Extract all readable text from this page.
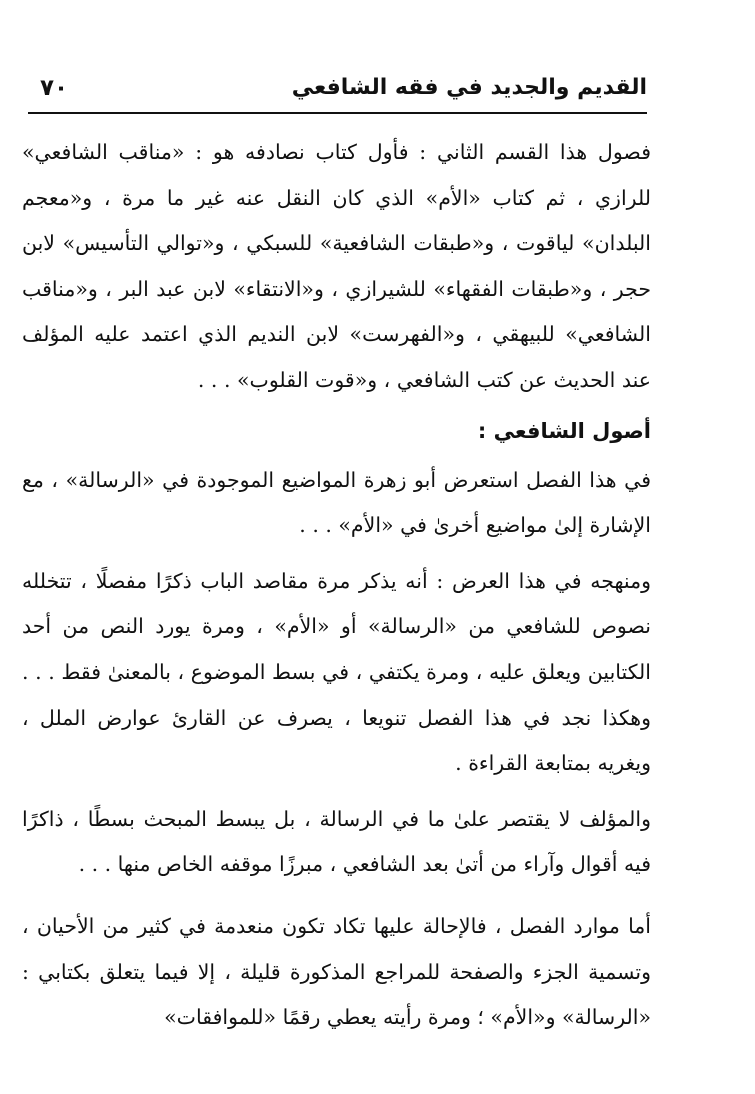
القديم والجديد في فقه الشافعي
٧٠

فصول هذا القسم الثاني : فأول كتاب نصادفه هو : «مناقب الشافعي» للرازي ، ثم كتاب «الأم» الذي كان النقل عنه غير ما مرة ، و«معجم البلدان» لياقوت ، و«طبقات الشافعية» للسبكي ، و«توالي التأسيس» لابن حجر ، و«طبقات الفقهاء» للشيرازي ، و«الانتقاء» لابن عبد البر ، و«مناقب الشافعي» للبيهقي ، و«الفهرست» لابن النديم الذي اعتمد عليه المؤلف عند الحديث عن كتب الشافعي ، و«قوت القلوب» . . .

أصول الشافعي :

في هذا الفصل استعرض أبو زهرة المواضيع الموجودة في «الرسالة» ، مع الإشارة إلىٰ مواضيع أخرىٰ في «الأم» . . .

ومنهجه في هذا العرض : أنه يذكر مرة مقاصد الباب ذكرًا مفصلًا ، تتخلله نصوص للشافعي من «الرسالة» أو «الأم» ، ومرة يورد النص من أحد الكتابين ويعلق عليه ، ومرة يكتفي ، في بسط الموضوع ، بالمعنىٰ فقط . . . وهكذا نجد في هذا الفصل تنويعا ، يصرف عن القارئ عوارض الملل ، ويغريه بمتابعة القراءة .

والمؤلف لا يقتصر علىٰ ما في الرسالة ، بل يبسط المبحث بسطًا ، ذاكرًا فيه أقوال وآراء من أتىٰ بعد الشافعي ، مبرزًا موقفه الخاص منها . . .

أما موارد الفصل ، فالإحالة عليها تكاد تكون منعدمة في كثير من الأحيان ، وتسمية الجزء والصفحة للمراجع المذكورة قليلة ، إلا فيما يتعلق بكتابي : «الرسالة» و«الأم» ؛ ومرة رأيته يعطي رقمًا «للموافقات»
